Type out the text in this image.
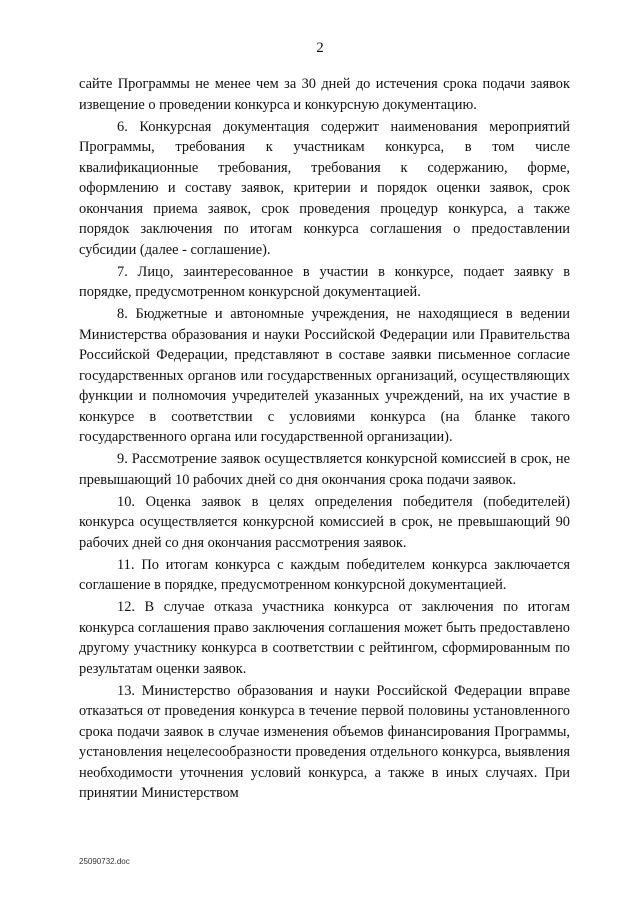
2

сайте Программы не менее чем за 30 дней до истечения срока подачи заявок извещение о проведении конкурса и конкурсную документацию.

6. Конкурсная документация содержит наименования мероприятий Программы, требования к участникам конкурса, в том числе квалификационные требования, требования к содержанию, форме, оформлению и составу заявок, критерии и порядок оценки заявок, срок окончания приема заявок, срок проведения процедур конкурса, а также порядок заключения по итогам конкурса соглашения о предоставлении субсидии (далее - соглашение).

7. Лицо, заинтересованное в участии в конкурсе, подает заявку в порядке, предусмотренном конкурсной документацией.

8. Бюджетные и автономные учреждения, не находящиеся в ведении Министерства образования и науки Российской Федерации или Правительства Российской Федерации, представляют в составе заявки письменное согласие государственных органов или государственных организаций, осуществляющих функции и полномочия учредителей указанных учреждений, на их участие в конкурсе в соответствии с условиями конкурса (на бланке такого государственного органа или государственной организации).

9. Рассмотрение заявок осуществляется конкурсной комиссией в срок, не превышающий 10 рабочих дней со дня окончания срока подачи заявок.

10. Оценка заявок в целях определения победителя (победителей) конкурса осуществляется конкурсной комиссией в срок, не превышающий 90 рабочих дней со дня окончания рассмотрения заявок.

11. По итогам конкурса с каждым победителем конкурса заключается соглашение в порядке, предусмотренном конкурсной документацией.

12. В случае отказа участника конкурса от заключения по итогам конкурса соглашения право заключения соглашения может быть предоставлено другому участнику конкурса в соответствии с рейтингом, сформированным по результатам оценки заявок.

13. Министерство образования и науки Российской Федерации вправе отказаться от проведения конкурса в течение первой половины установленного срока подачи заявок в случае изменения объемов финансирования Программы, установления нецелесообразности проведения отдельного конкурса, выявления необходимости уточнения условий конкурса, а также в иных случаях. При принятии Министерством

25090732.doc
